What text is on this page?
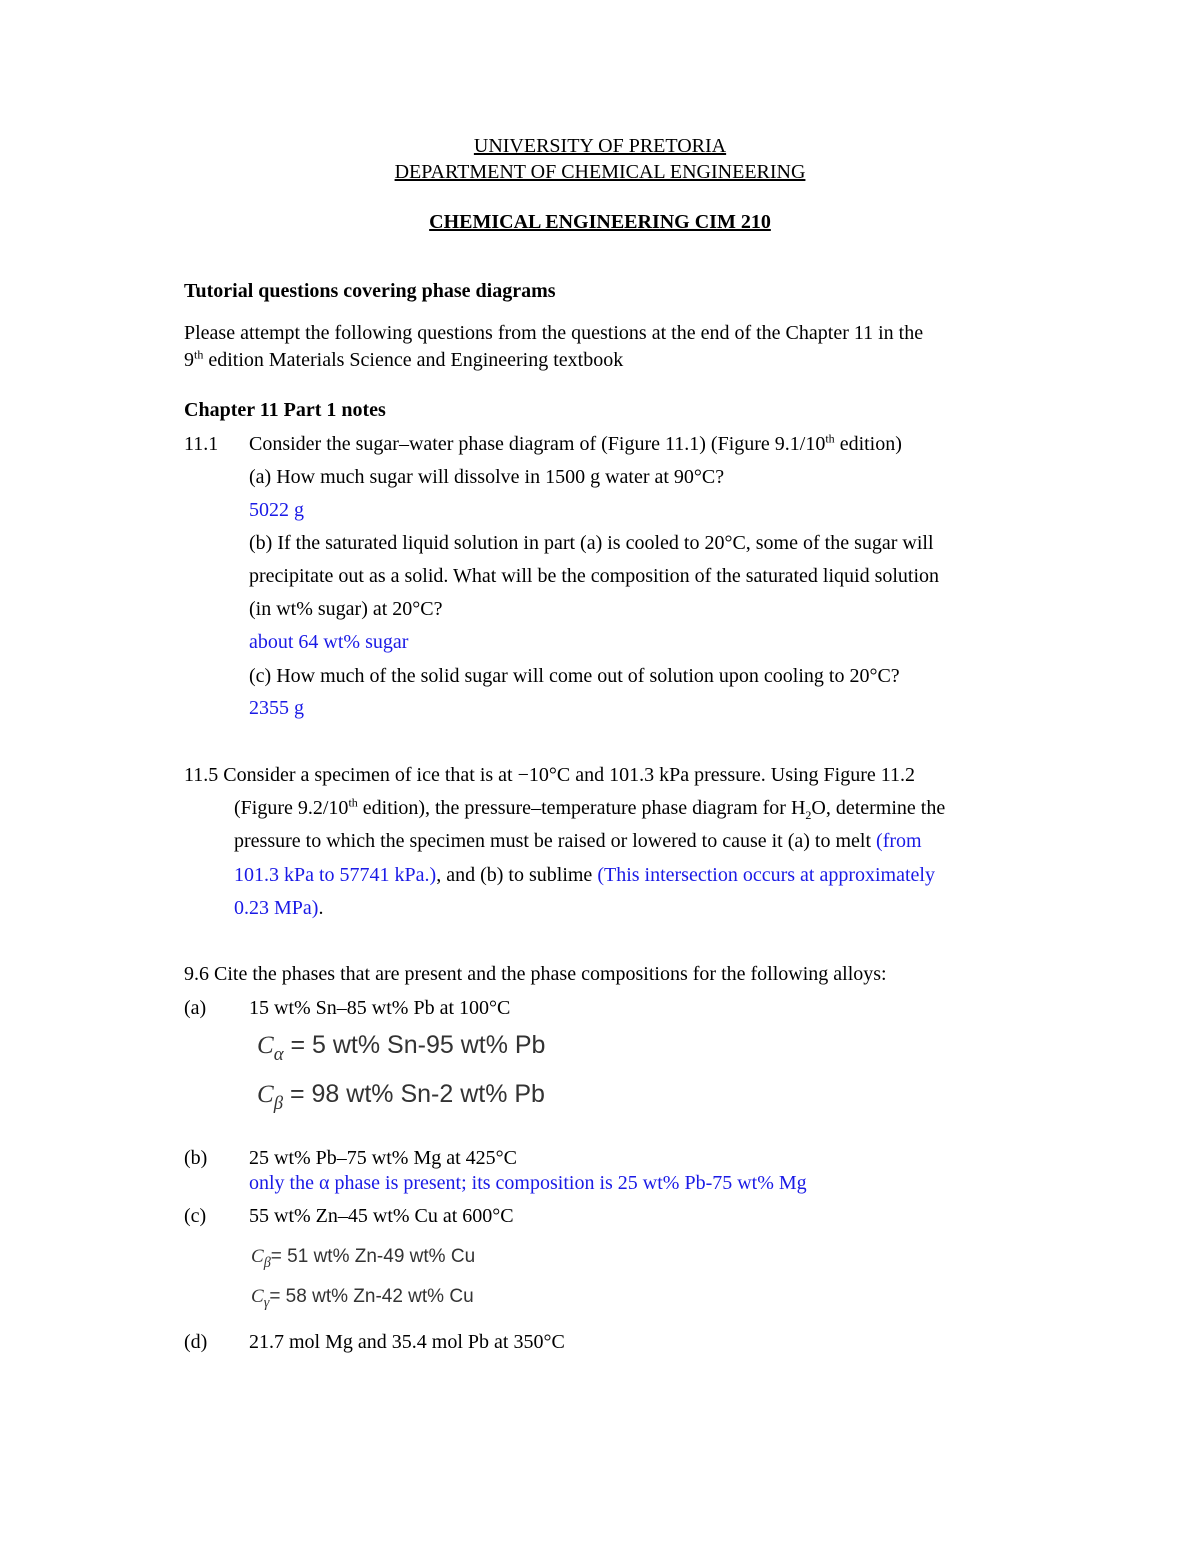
UNIVERSITY OF PRETORIA
DEPARTMENT OF CHEMICAL ENGINEERING
CHEMICAL ENGINEERING CIM 210
Tutorial questions covering phase diagrams
Please attempt the following questions from the questions at the end of the Chapter 11 in the
9th edition Materials Science and Engineering textbook
Chapter 11 Part 1 notes
11.1 Consider the sugar–water phase diagram of (Figure 11.1) (Figure 9.1/10th edition)
(a) How much sugar will dissolve in 1500 g water at 90°C?
5022 g
(b) If the saturated liquid solution in part (a) is cooled to 20°C, some of the sugar will
precipitate out as a solid. What will be the composition of the saturated liquid solution
(in wt% sugar) at 20°C?
about 64 wt% sugar
(c) How much of the solid sugar will come out of solution upon cooling to 20°C?
2355 g
11.5 Consider a specimen of ice that is at −10°C and 101.3 kPa pressure. Using Figure 11.2
(Figure 9.2/10th edition), the pressure–temperature phase diagram for $H_2O$, determine the
pressure to which the specimen must be raised or lowered to cause it (a) to melt (from
101.3 kPa to 57741 kPa.), and (b) to sublime (This intersection occurs at approximately
0.23 MPa).
9.6 Cite the phases that are present and the phase compositions for the following alloys:
(a) 15 wt% Sn–85 wt% Pb at 100°C
$C_\alpha = 5$ wt% Sn-95 wt% Pb
$C_\beta = 98$ wt% Sn-2 wt% Pb
(b) 25 wt% Pb–75 wt% Mg at 425°C
only the α phase is present; its composition is 25 wt% Pb-75 wt% Mg
(c) 55 wt% Zn–45 wt% Cu at 600°C
$C_\beta= 51$ wt% Zn-49 wt% Cu
$C_\gamma= 58$ wt% Zn-42 wt% Cu
(d) 21.7 mol Mg and 35.4 mol Pb at 350°C
